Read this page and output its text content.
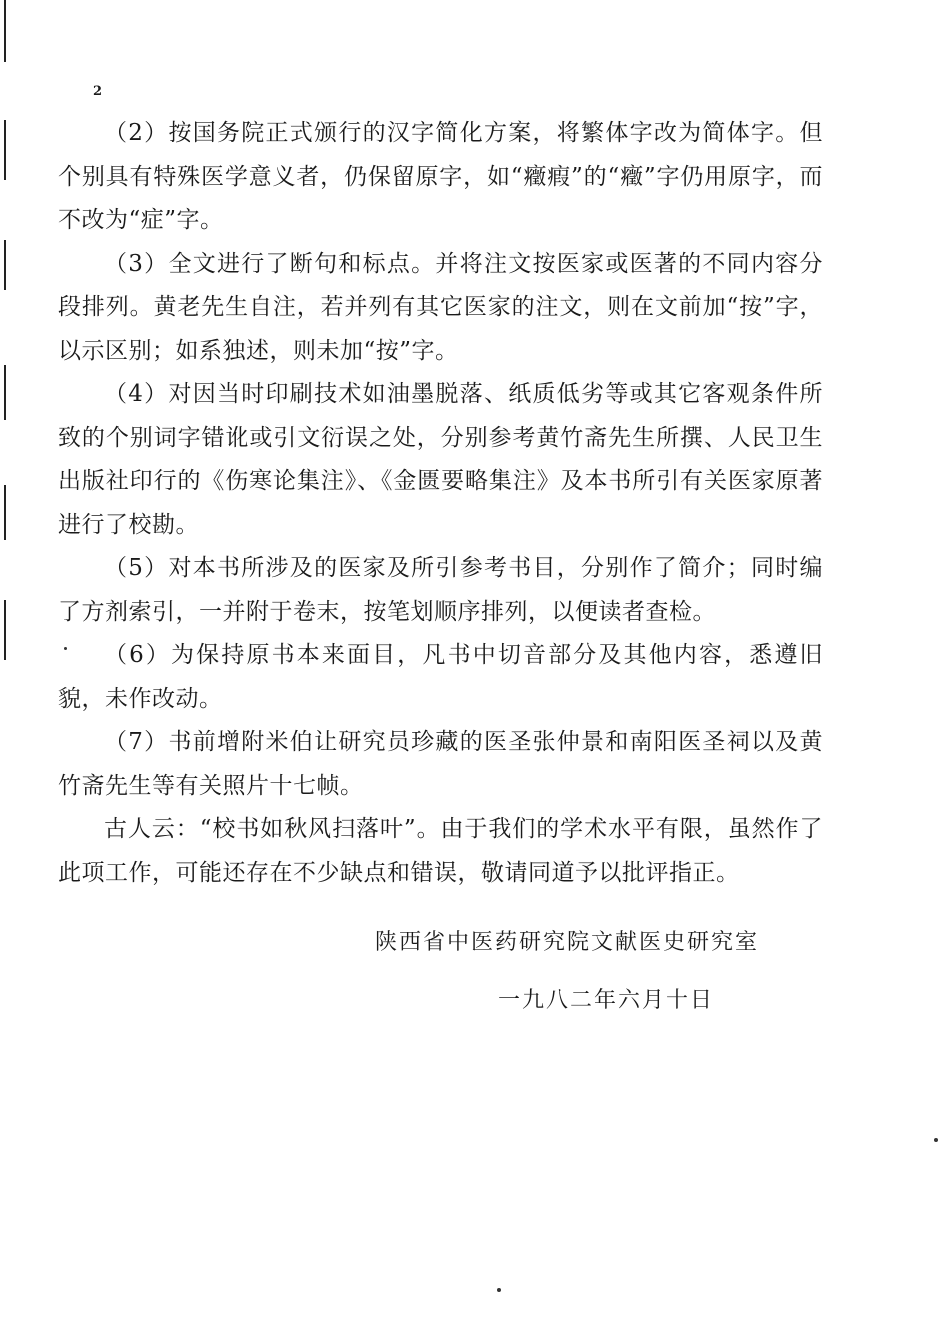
2

（2）按国务院正式颁行的汉字简化方案，将繁体字改为简体字。但个别具有特殊医学意义者，仍保留原字，如“癥瘕”的“癥”字仍用原字，而不改为“症”字。

（3）全文进行了断句和标点。并将注文按医家或医著的不同内容分段排列。黄老先生自注，若并列有其它医家的注文，则在文前加“按”字，以示区别；如系独述，则未加“按”字。

（4）对因当时印刷技术如油墨脱落、纸质低劣等或其它客观条件所致的个别词字错讹或引文衍误之处，分别参考黄竹斋先生所撰、人民卫生出版社印行的《伤寒论集注》、《金匮要略集注》及本书所引有关医家原著进行了校勘。

（5）对本书所涉及的医家及所引参考书目，分别作了简介；同时编了方剂索引，一并附于卷末，按笔划顺序排列，以便读者查检。

（6）为保持原书本来面目，凡书中切音部分及其他内容，悉遵旧貌，未作改动。

（7）书前增附米伯让研究员珍藏的医圣张仲景和南阳医圣祠以及黄竹斋先生等有关照片十七帧。

古人云：“校书如秋风扫落叶”。由于我们的学术水平有限，虽然作了此项工作，可能还存在不少缺点和错误，敬请同道予以批评指正。

陕西省中医药研究院文献医史研究室
一九八二年六月十日
